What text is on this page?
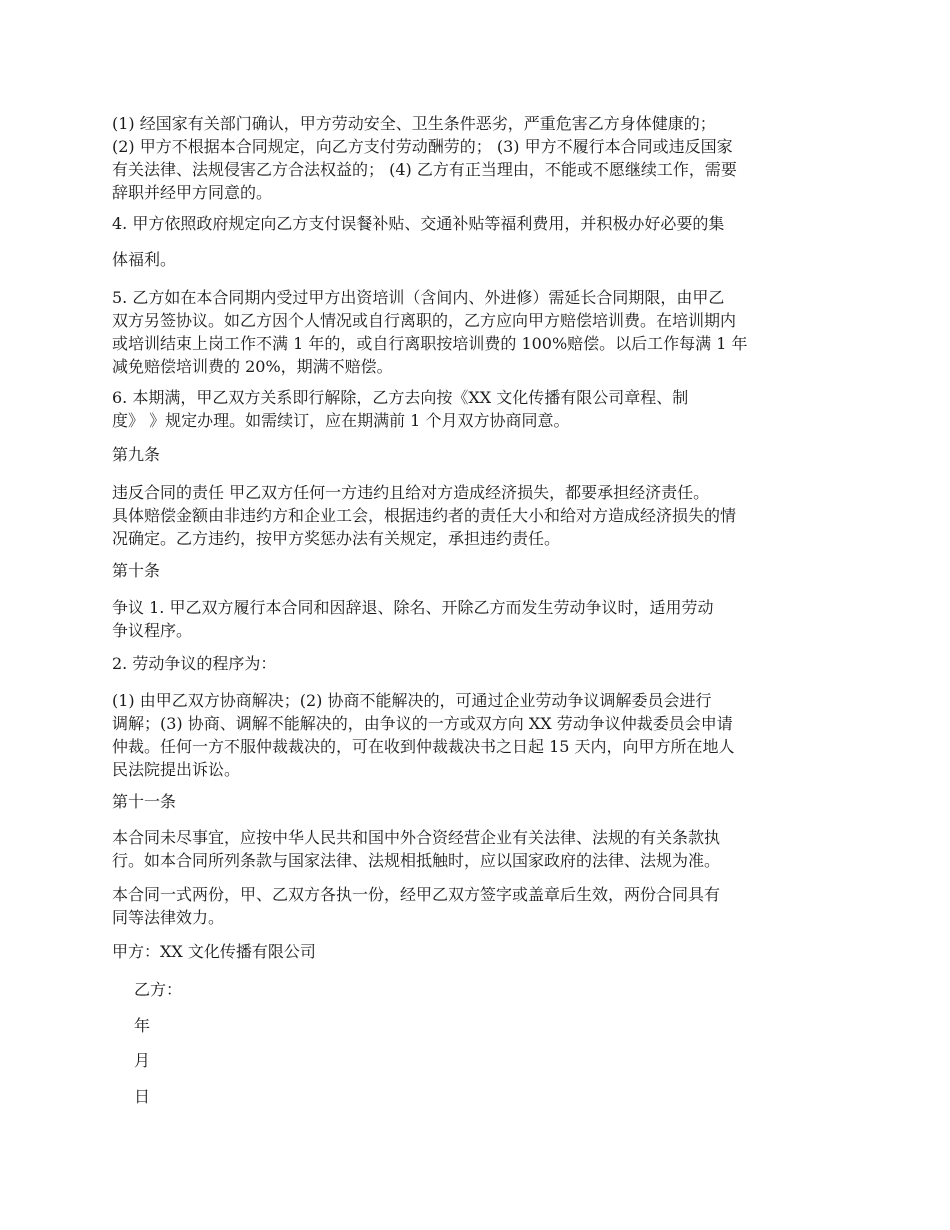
(1) 经国家有关部门确认，甲方劳动安全、卫生条件恶劣，严重危害乙方身体健康的；
(2) 甲方不根据本合同规定，向乙方支付劳动酬劳的； (3) 甲方不履行本合同或违反国家
有关法律、法规侵害乙方合法权益的； (4) 乙方有正当理由，不能或不愿继续工作，需要
辞职并经甲方同意的。

4. 甲方依照政府规定向乙方支付误餐补贴、交通补贴等福利费用，并积极办好必要的集

体福利。

5. 乙方如在本合同期内受过甲方出资培训（含间内、外进修）需延长合同期限，由甲乙
双方另签协议。如乙方因个人情况或自行离职的，乙方应向甲方赔偿培训费。在培训期内
或培训结束上岗工作不满 1 年的，或自行离职按培训费的 100%赔偿。以后工作每满 1 年
减免赔偿培训费的 20%，期满不赔偿。

6. 本期满，甲乙双方关系即行解除，乙方去向按《XX 文化传播有限公司章程、制
度》 》规定办理。如需续订，应在期满前 1 个月双方协商同意。

第九条

违反合同的责任 甲乙双方任何一方违约且给对方造成经济损失，都要承担经济责任。
具体赔偿金额由非违约方和企业工会，根据违约者的责任大小和给对方造成经济损失的情
况确定。乙方违约，按甲方奖惩办法有关规定，承担违约责任。

第十条

争议 1. 甲乙双方履行本合同和因辞退、除名、开除乙方而发生劳动争议时，适用劳动
争议程序。

2. 劳动争议的程序为：

(1) 由甲乙双方协商解决；(2) 协商不能解决的，可通过企业劳动争议调解委员会进行
调解；(3) 协商、调解不能解决的，由争议的一方或双方向 XX 劳动争议仲裁委员会申请
仲裁。任何一方不服仲裁裁决的，可在收到仲裁裁决书之日起 15 天内，向甲方所在地人
民法院提出诉讼。

第十一条

本合同未尽事宜，应按中华人民共和国中外合资经营企业有关法律、法规的有关条款执
行。如本合同所列条款与国家法律、法规相抵触时，应以国家政府的法律、法规为准。

本合同一式两份，甲、乙双方各执一份，经甲乙双方签字或盖章后生效，两份合同具有
同等法律效力。

甲方：XX 文化传播有限公司

乙方：

年

月

日
